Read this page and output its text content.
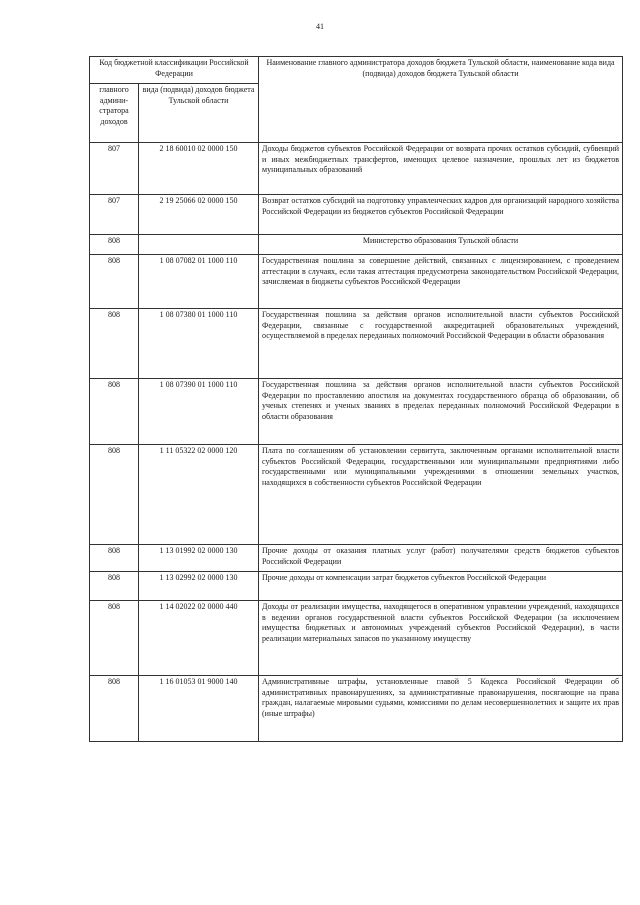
41
Код бюджетной классификации Российской Федерации		Наименование главного администратора доходов бюджета Тульской области, наименование кода вида (подвида) доходов бюджета Тульской области
главного админи-стратора доходов	вида (подвида) доходов бюджета Тульской области	
807	2 18 60010 02 0000 150	Доходы бюджетов субъектов Российской Федерации от возврата прочих остатков субсидий, субвенций и иных межбюджетных трансфертов, имеющих целевое назначение, прошлых лет из бюджетов муниципальных образований
807	2 19 25066 02 0000 150	Возврат остатков субсидий на подготовку управленческих кадров для организаций народного хозяйства Российской Федерации из бюджетов субъектов Российской Федерации
808		Министерство образования Тульской области
808	1 08 07082 01 1000 110	Государственная пошлина за совершение действий, связанных с лицензированием, с проведением аттестации в случаях, если такая аттестация предусмотрена законодательством Российской Федерации, зачисляемая в бюджеты субъектов Российской Федерации
808	1 08 07380 01 1000 110	Государственная пошлина за действия органов исполнительной власти субъектов Российской Федерации, связанные с государственной аккредитацией образовательных учреждений, осуществляемой в пределах переданных полномочий Российской Федерации в области образования
808	1 08 07390 01 1000 110	Государственная пошлина за действия органов исполнительной власти субъектов Российской Федерации по проставлению апостиля на документах государственного образца об образовании, об ученых степенях и ученых званиях в пределах переданных полномочий Российской Федерации в области образования
808	1 11 05322 02 0000 120	Плата по соглашениям об установлении сервитута, заключенным органами исполнительной власти субъектов Российской Федерации, государственными или муниципальными предприятиями либо государственными или муниципальными учреждениями в отношении земельных участков, находящихся в собственности субъектов Российской Федерации
808	1 13 01992 02 0000 130	Прочие доходы от оказания платных услуг (работ) получателями средств бюджетов субъектов Российской Федерации
808	1 13 02992 02 0000 130	Прочие доходы от компенсации затрат бюджетов субъектов Российской Федерации
808	1 14 02022 02 0000 440	Доходы от реализации имущества, находящегося в оперативном управлении учреждений, находящихся в ведении органов государственной власти субъектов Российской Федерации (за исключением имущества бюджетных и автономных учреждений субъектов Российской Федерации), в части реализации материальных запасов по указанному имуществу
808	1 16 01053 01 9000 140	Административные штрафы, установленные главой 5 Кодекса Российской Федерации об административных правонарушениях, за административные правонарушения, посягающие на права граждан, налагаемые мировыми судьями, комиссиями по делам несовершеннолетних и защите их прав (иные штрафы)
